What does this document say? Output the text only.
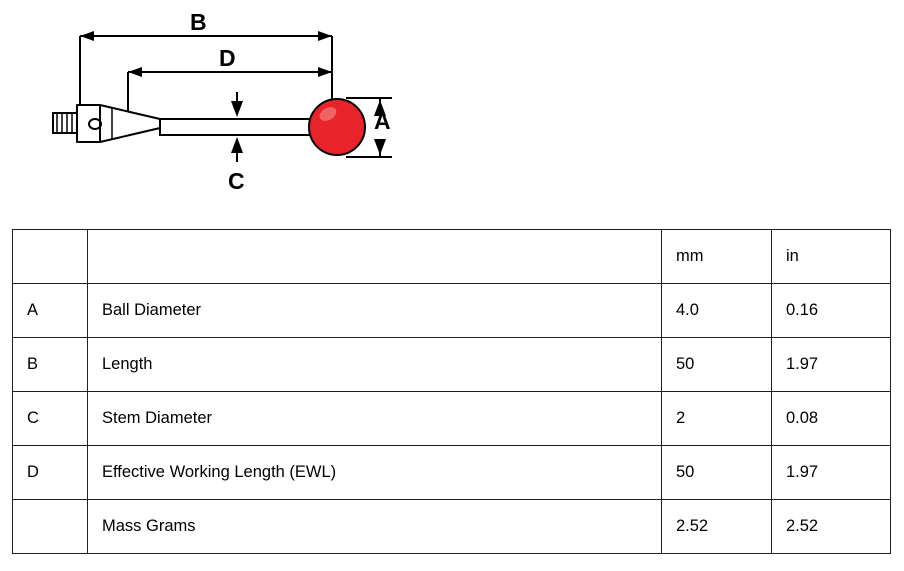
B
D
A
C
		mm	in
A	Ball Diameter	4.0	0.16
B	Length	50	1.97
C	Stem Diameter	2	0.08
D	Effective Working Length (EWL)	50	1.97
	Mass Grams	2.52	2.52
